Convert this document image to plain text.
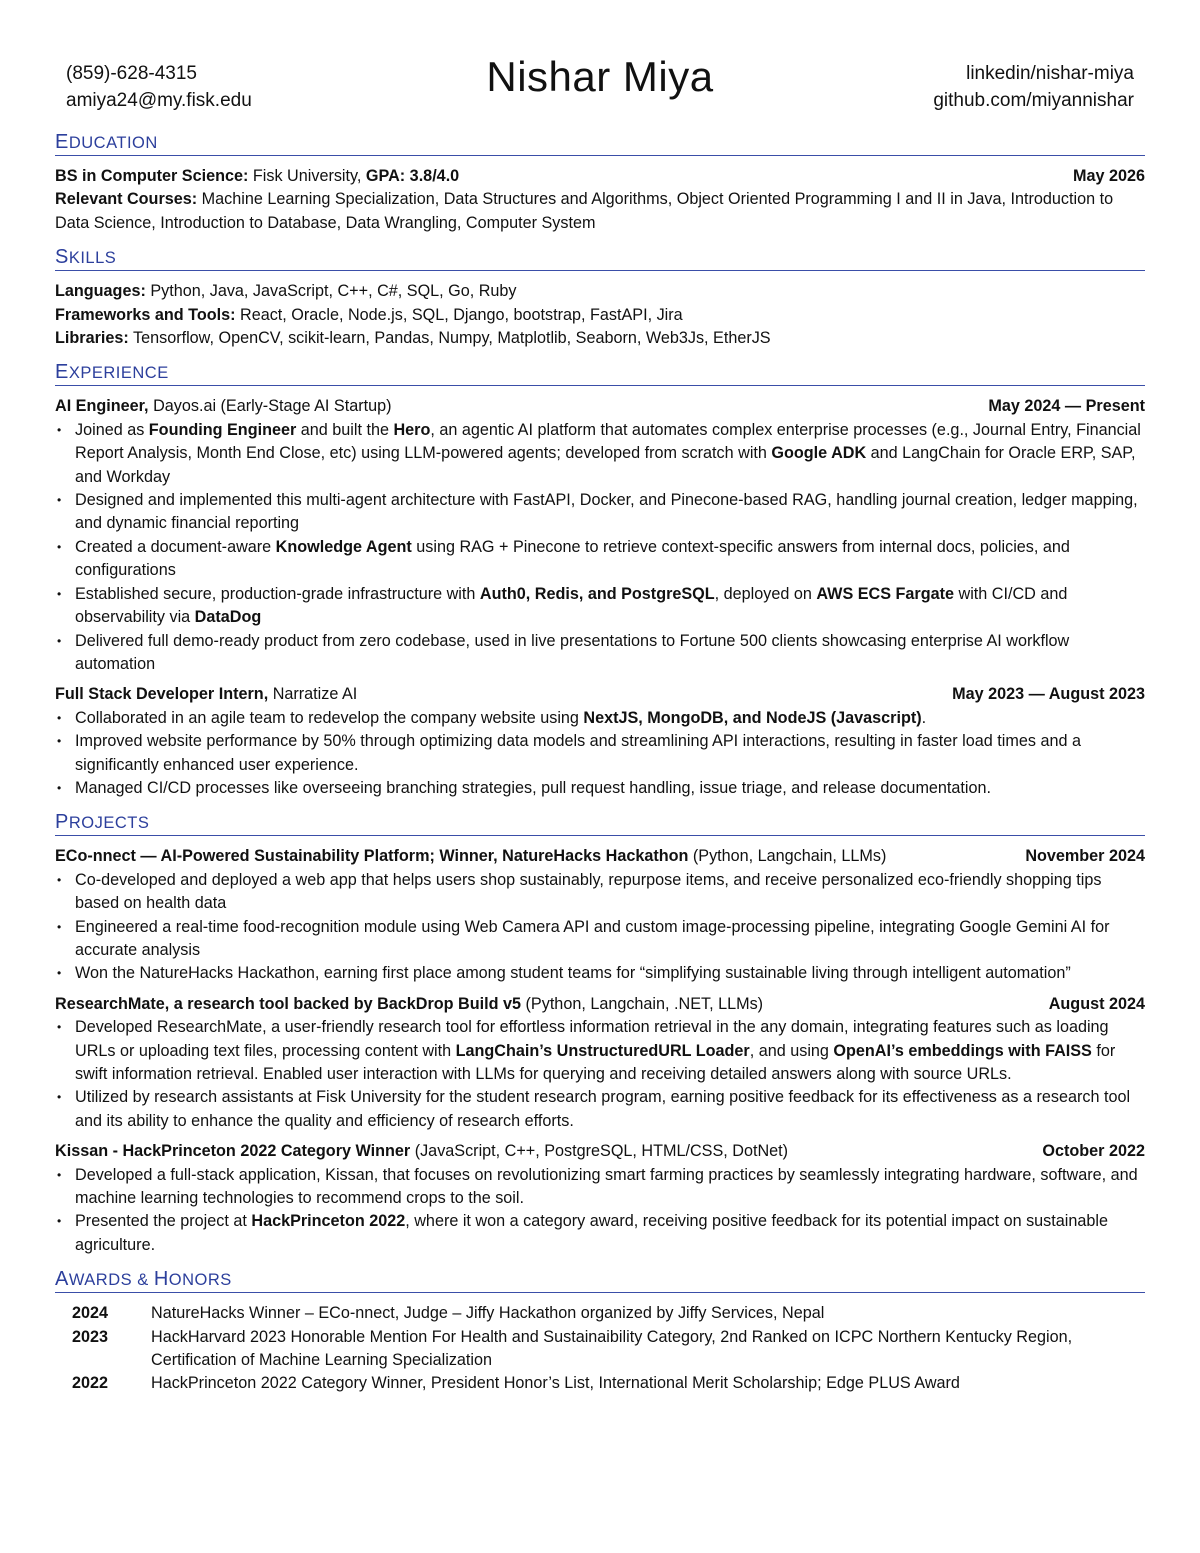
(859)-628-4315
amiya24@my.fisk.edu
Nishar Miya	linkedin/nishar-miya
github.com/miyannishar
EDUCATION
BS in Computer Science: Fisk University, GPA: 3.8/4.0	May 2026
Relevant Courses: Machine Learning Specialization, Data Structures and Algorithms, Object Oriented Programming I and II in Java, Introduction to Data Science, Introduction to Database, Data Wrangling, Computer System
SKILLS
Languages: Python, Java, JavaScript, C++, C#, SQL, Go, Ruby
Frameworks and Tools: React, Oracle, Node.js, SQL, Django, bootstrap, FastAPI, Jira
Libraries: Tensorflow, OpenCV, scikit-learn, Pandas, Numpy, Matplotlib, Seaborn, Web3Js, EtherJS
EXPERIENCE
AI Engineer, Dayos.ai (Early-Stage AI Startup)	May 2024 — Present
• Joined as Founding Engineer and built the Hero, an agentic AI platform that automates complex enterprise processes (e.g., Journal Entry, Financial Report Analysis, Month End Close, etc) using LLM-powered agents; developed from scratch with Google ADK and LangChain for Oracle ERP, SAP, and Workday
• Designed and implemented this multi-agent architecture with FastAPI, Docker, and Pinecone-based RAG, handling journal creation, ledger mapping, and dynamic financial reporting
• Created a document-aware Knowledge Agent using RAG + Pinecone to retrieve context-specific answers from internal docs, policies, and configurations
• Established secure, production-grade infrastructure with Auth0, Redis, and PostgreSQL, deployed on AWS ECS Fargate with CI/CD and observability via DataDog
• Delivered full demo-ready product from zero codebase, used in live presentations to Fortune 500 clients showcasing enterprise AI workflow automation
Full Stack Developer Intern, Narratize AI	May 2023 — August 2023
• Collaborated in an agile team to redevelop the company website using NextJS, MongoDB, and NodeJS (Javascript).
• Improved website performance by 50% through optimizing data models and streamlining API interactions, resulting in faster load times and a significantly enhanced user experience.
• Managed CI/CD processes like overseeing branching strategies, pull request handling, issue triage, and release documentation.
PROJECTS
ECo-nnect — AI-Powered Sustainability Platform; Winner, NatureHacks Hackathon (Python, Langchain, LLMs)	November 2024
• Co-developed and deployed a web app that helps users shop sustainably, repurpose items, and receive personalized eco-friendly shopping tips based on health data
• Engineered a real-time food-recognition module using Web Camera API and custom image-processing pipeline, integrating Google Gemini AI for accurate analysis
• Won the NatureHacks Hackathon, earning first place among student teams for “simplifying sustainable living through intelligent automation”
ResearchMate, a research tool backed by BackDrop Build v5 (Python, Langchain, .NET, LLMs)	August 2024
• Developed ResearchMate, a user-friendly research tool for effortless information retrieval in the any domain, integrating features such as loading URLs or uploading text files, processing content with LangChain’s UnstructuredURL Loader, and using OpenAI’s embeddings with FAISS for swift information retrieval. Enabled user interaction with LLMs for querying and receiving detailed answers along with source URLs.
• Utilized by research assistants at Fisk University for the student research program, earning positive feedback for its effectiveness as a research tool and its ability to enhance the quality and efficiency of research efforts.
Kissan - HackPrinceton 2022 Category Winner (JavaScript, C++, PostgreSQL, HTML/CSS, DotNet)	October 2022
• Developed a full-stack application, Kissan, that focuses on revolutionizing smart farming practices by seamlessly integrating hardware, software, and machine learning technologies to recommend crops to the soil.
• Presented the project at HackPrinceton 2022, where it won a category award, receiving positive feedback for its potential impact on sustainable agriculture.
AWARDS & HONORS
2024	NatureHacks Winner – ECo-nnect, Judge – Jiffy Hackathon organized by Jiffy Services, Nepal
2023	HackHarvard 2023 Honorable Mention For Health and Sustainaibility Category, 2nd Ranked on ICPC Northern Kentucky Region, Certification of Machine Learning Specialization
2022	HackPrinceton 2022 Category Winner, President Honor’s List, International Merit Scholarship; Edge PLUS Award
